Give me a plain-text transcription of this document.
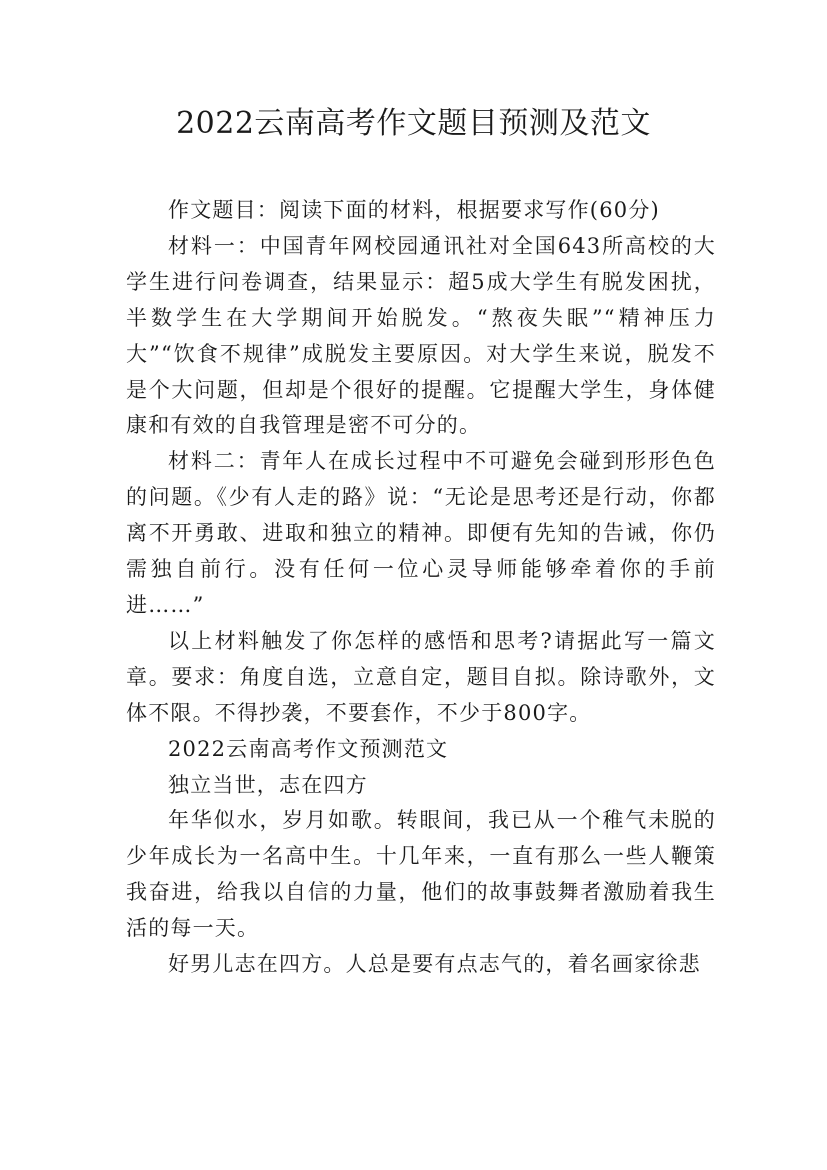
2022云南高考作文题目预测及范文

作文题目：阅读下面的材料，根据要求写作(60分)

材料一：中国青年网校园通讯社对全国643所高校的大学生进行问卷调查，结果显示：超5成大学生有脱发困扰，半数学生在大学期间开始脱发。“熬夜失眠”“精神压力大”“饮食不规律”成脱发主要原因。对大学生来说，脱发不是个大问题，但却是个很好的提醒。它提醒大学生，身体健康和有效的自我管理是密不可分的。

材料二：青年人在成长过程中不可避免会碰到形形色色的问题。《少有人走的路》说：“无论是思考还是行动，你都离不开勇敢、进取和独立的精神。即便有先知的告诫，你仍需独自前行。没有任何一位心灵导师能够牵着你的手前进……”

以上材料触发了你怎样的感悟和思考?请据此写一篇文章。要求：角度自选，立意自定，题目自拟。除诗歌外，文体不限。不得抄袭，不要套作，不少于800字。

2022云南高考作文预测范文

独立当世，志在四方

年华似水，岁月如歌。转眼间，我已从一个稚气未脱的少年成长为一名高中生。十几年来，一直有那么一些人鞭策我奋进，给我以自信的力量，他们的故事鼓舞者激励着我生活的每一天。

好男儿志在四方。人总是要有点志气的，着名画家徐悲
